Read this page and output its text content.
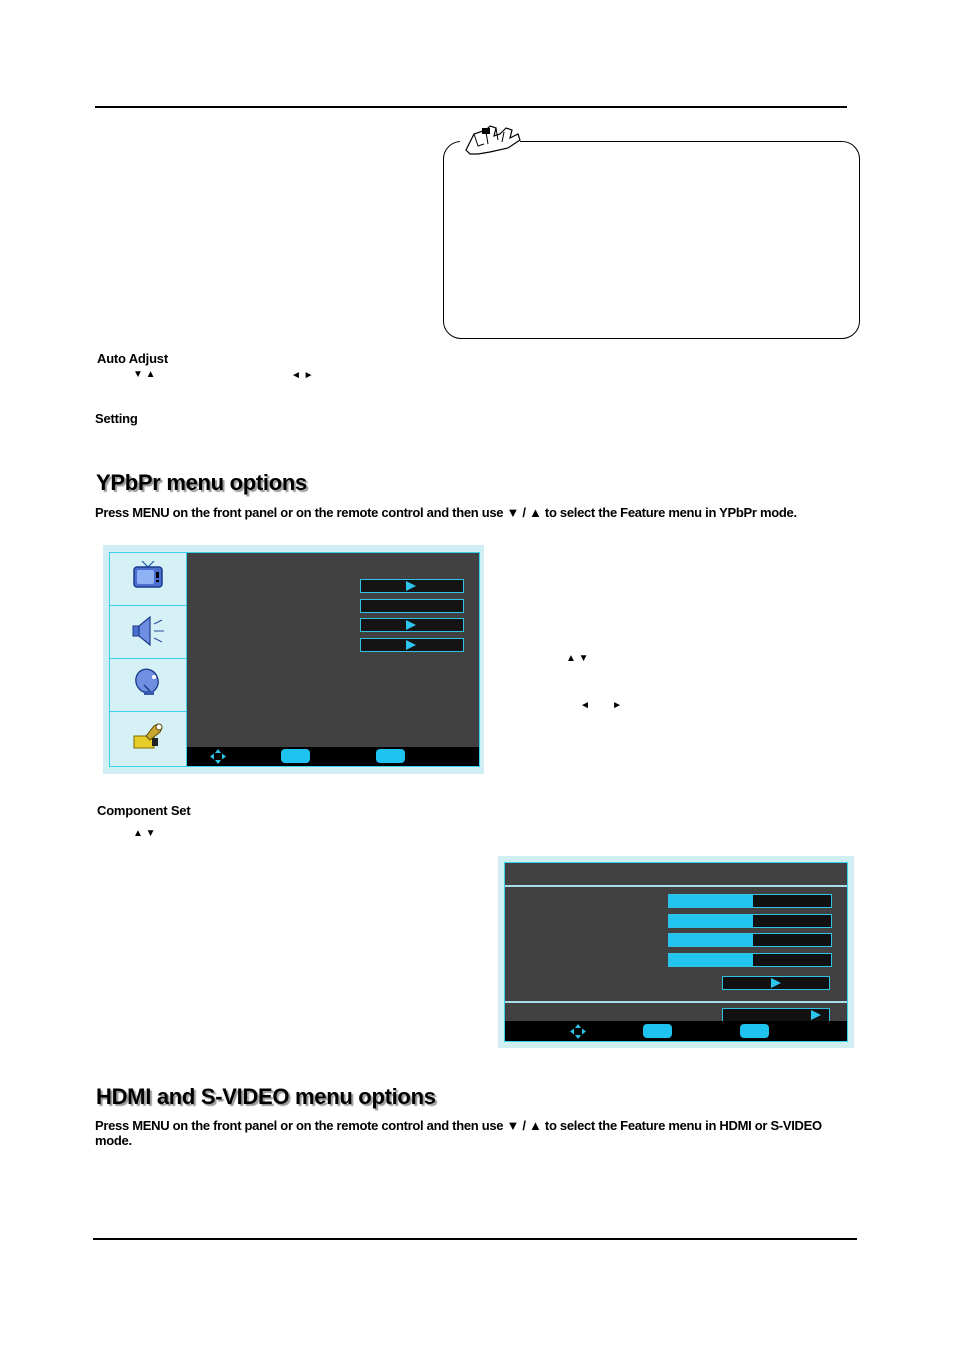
Auto Adjust
▼ ▲	◄ ►
Setting
YPbPr menu options
Press MENU on the front panel or on the remote control and then use ▼ / ▲ to select the Feature menu in YPbPr mode.
▲ ▼
◄        ►
Component Set
▲ ▼
HDMI and S-VIDEO menu options
Press MENU on the front panel or on the remote control and then use ▼ / ▲ to select the Feature menu in HDMI or S-VIDEO
mode.
